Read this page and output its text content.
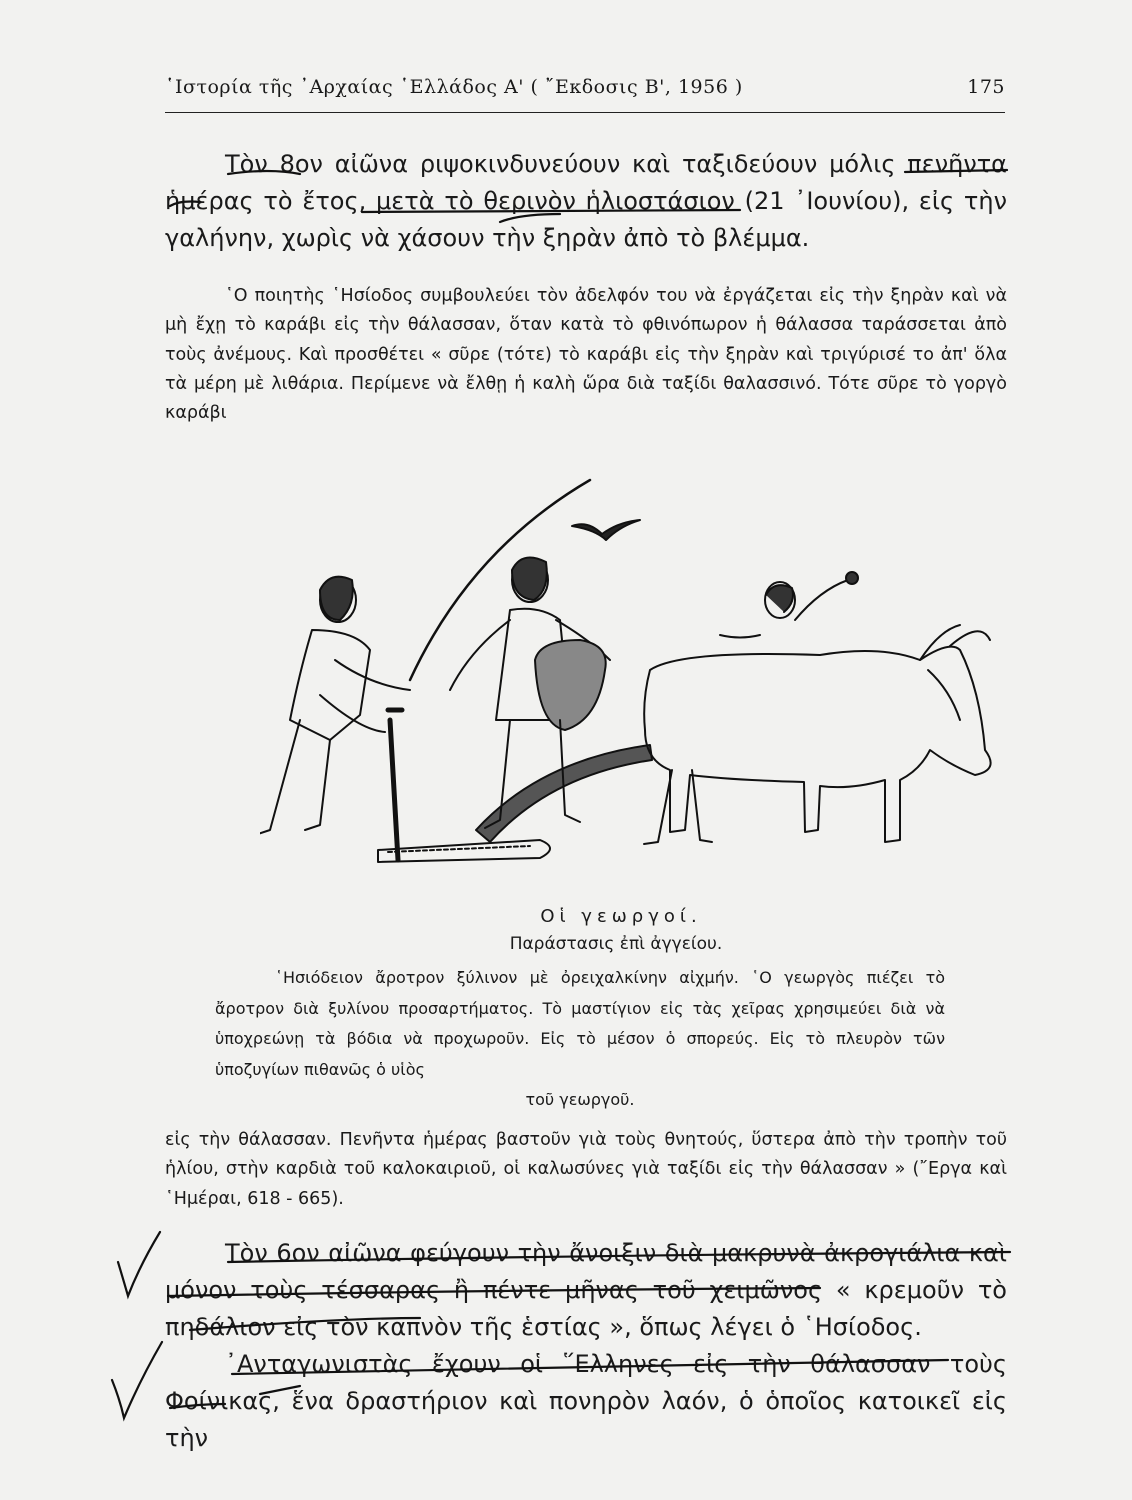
῾Ιστορία τῆς ᾿Αρχαίας ῾Ελλάδος Α' ( ῎Εκδοσις Β', 1956 )	175

Τὸν 8ον αἰῶνα ριψοκινδυνεύουν καὶ ταξιδεύουν μόλις πενῆντα ἡμέρας τὸ ἔτος, μετὰ τὸ θερινὸν ἡλιοστάσιον (21 ᾿Ιουνίου), εἰς τὴν γαλήνην, χωρὶς νὰ χάσουν τὴν ξηρὰν ἀπὸ τὸ βλέμμα.

῾Ο ποιητὴς ῾Ησίοδος συμβουλεύει τὸν ἀδελφόν του νὰ ἐργάζεται εἰς τὴν ξηρὰν καὶ νὰ μὴ ἔχῃ τὸ καράβι εἰς τὴν θάλασσαν, ὅταν κατὰ τὸ φθινόπωρον ἡ θάλασσα ταράσσεται ἀπὸ τοὺς ἀνέμους. Καὶ προσθέτει « σῦρε (τότε) τὸ καράβι εἰς τὴν ξηρὰν καὶ τριγύρισέ το ἀπ' ὅλα τὰ μέρη μὲ λιθάρια. Περίμενε νὰ ἔλθῃ ἡ καλὴ ὥρα διὰ ταξίδι θαλασσινό. Τότε σῦρε τὸ γοργὸ καράβι

Οἱ γεωργοί.
Παράστασις ἐπὶ ἀγγείου.

῾Ησιόδειον ἄροτρον ξύλινον μὲ ὀρειχαλκίνην αἰχμήν. ῾Ο γεωργὸς πιέζει τὸ ἄροτρον διὰ ξυλίνου προσαρτήματος. Τὸ μαστίγιον εἰς τὰς χεῖρας χρησιμεύει διὰ νὰ ὑποχρεώνῃ τὰ βόδια νὰ προχωροῦν. Εἰς τὸ μέσον ὁ σπορεύς. Εἰς τὸ πλευρὸν τῶν ὑποζυγίων πιθανῶς ὁ υἱὸς
τοῦ γεωργοῦ.

εἰς τὴν θάλασσαν. Πενῆντα ἡμέρας βαστοῦν γιὰ τοὺς θνητούς, ὕστερα ἀπὸ τὴν τροπὴν τοῦ ἡλίου, στὴν καρδιὰ τοῦ καλοκαιριοῦ, οἱ καλωσύνες γιὰ ταξίδι εἰς τὴν θάλασσαν » (῎Εργα καὶ ῾Ημέραι, 618 - 665).

Τὸν 6ον αἰῶνα φεύγουν τὴν ἄνοιξιν διὰ μακρυνὰ ἀκρογιάλια καὶ μόνον τοὺς τέσσαρας ἢ πέντε μῆνας τοῦ χειμῶνος « κρεμοῦν τὸ πηδάλιον εἰς τὸν καπνὸν τῆς ἑστίας », ὅπως λέγει ὁ ῾Ησίοδος.

᾿Ανταγωνιστὰς ἔχουν οἱ ῞Ελληνες εἰς τὴν θάλασσαν τοὺς Φοίνικας, ἕνα δραστήριον καὶ πονηρὸν λαόν, ὁ ὁποῖος κατοικεῖ εἰς τὴν
